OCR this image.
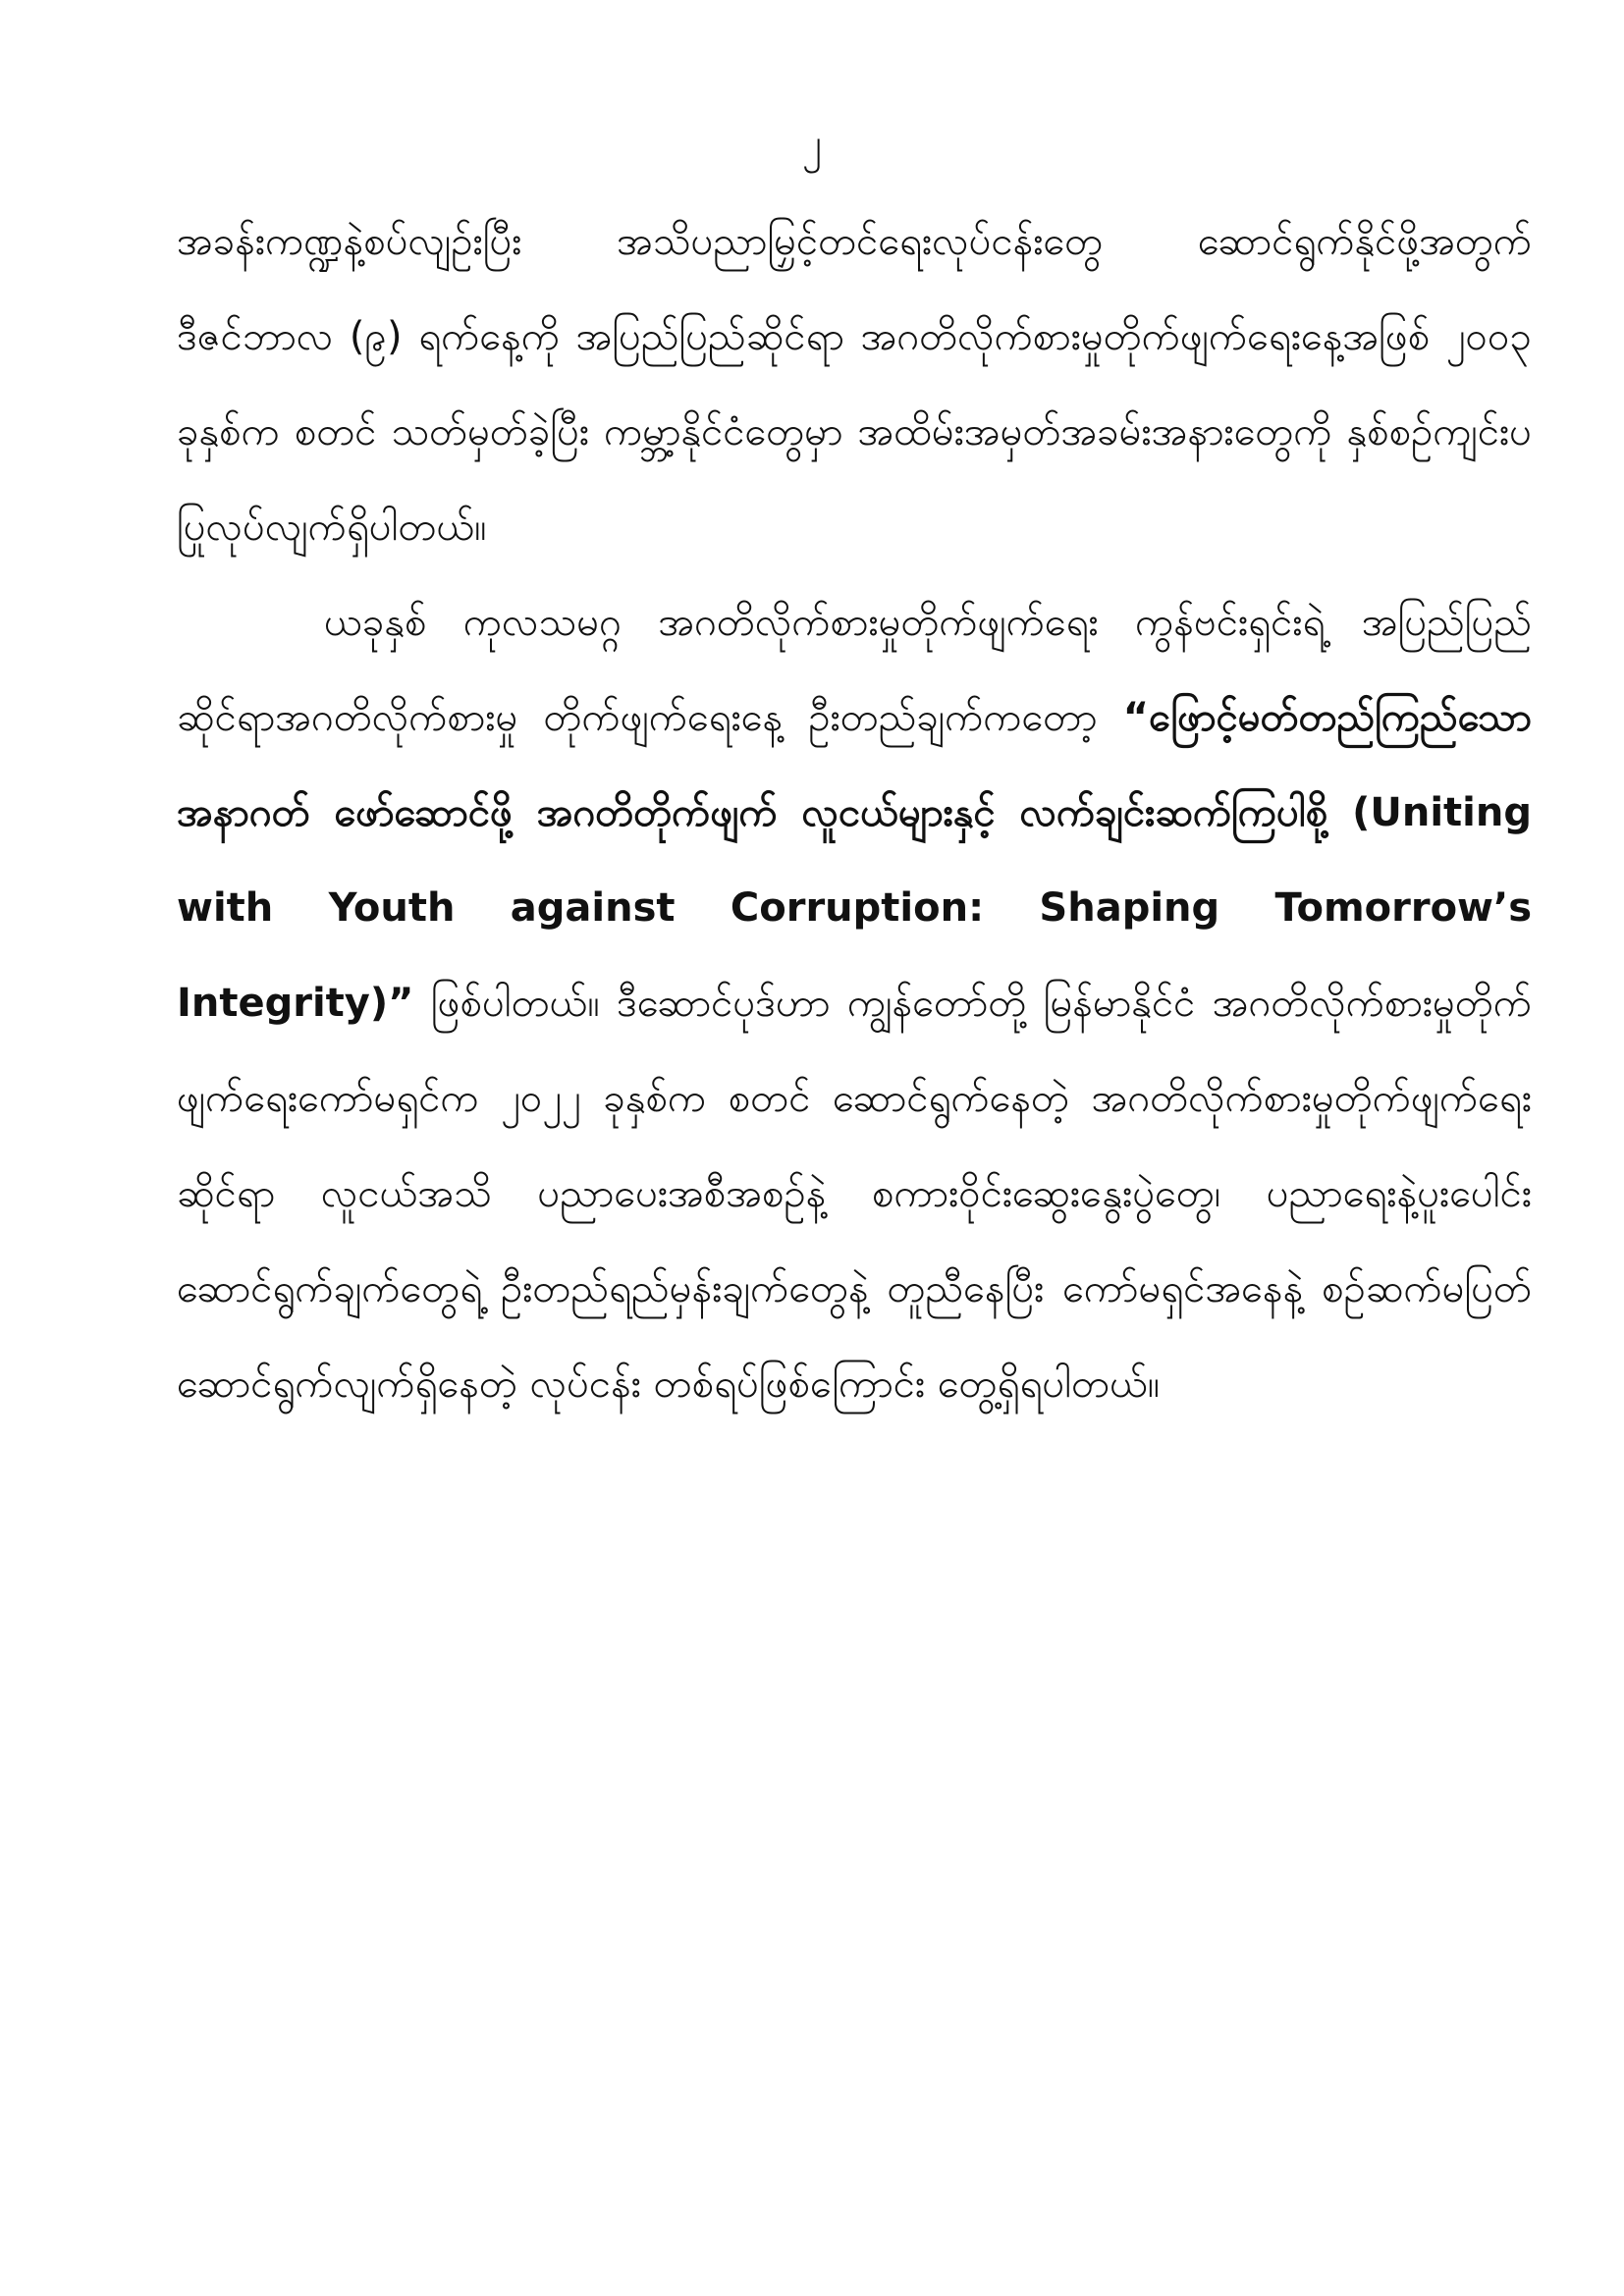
၂

အခန်းကဏ္ဍနဲ့စပ်လျဉ်းပြီး အသိပညာမြှင့်တင်ရေးလုပ်ငန်းတွေ ဆောင်ရွက်နိုင်ဖို့အတွက် ဒီဇင်ဘာလ (၉) ရက်နေ့ကို အပြည်ပြည်ဆိုင်ရာ အဂတိလိုက်စားမှုတိုက်ဖျက်ရေးနေ့အဖြစ် ၂၀၀၃ ခုနှစ်က စတင် သတ်မှတ်ခဲ့ပြီး ကမ္ဘာ့နိုင်ငံတွေမှာ အထိမ်းအမှတ်အခမ်းအနားတွေကို နှစ်စဉ်ကျင်းပပြုလုပ်လျက်ရှိပါတယ်။

ယခုနှစ် ကုလသမဂ္ဂ အဂတိလိုက်စားမှုတိုက်ဖျက်ရေး ကွန်ဗင်းရှင်းရဲ့ အပြည်ပြည်ဆိုင်ရာအဂတိလိုက်စားမှု တိုက်ဖျက်ရေးနေ့ ဦးတည်ချက်ကတော့ “ဖြောင့်မတ်တည်ကြည်သော အနာဂတ် ဖော်ဆောင်ဖို့ အဂတိတိုက်ဖျက် လူငယ်များနှင့် လက်ချင်းဆက်ကြပါစို့ (Uniting with Youth against Corruption: Shaping Tomorrow’s Integrity)” ဖြစ်ပါတယ်။ ဒီဆောင်ပုဒ်ဟာ ကျွန်တော်တို့ မြန်မာနိုင်ငံ အဂတိလိုက်စားမှုတိုက်ဖျက်ရေးကော်မရှင်က ၂၀၂၂ ခုနှစ်က စတင် ဆောင်ရွက်နေတဲ့ အဂတိလိုက်စားမှုတိုက်ဖျက်ရေးဆိုင်ရာ လူငယ်အသိ ပညာပေးအစီအစဉ်နဲ့ စကားဝိုင်းဆွေးနွေးပွဲတွေ၊ ပညာရေးနဲ့ပူးပေါင်း ဆောင်ရွက်ချက်တွေရဲ့ ဦးတည်ရည်မှန်းချက်တွေနဲ့ တူညီနေပြီး ကော်မရှင်အနေနဲ့ စဉ်ဆက်မပြတ် ဆောင်ရွက်လျက်ရှိနေတဲ့ လုပ်ငန်း တစ်ရပ်ဖြစ်ကြောင်း တွေ့ရှိရပါတယ်။
